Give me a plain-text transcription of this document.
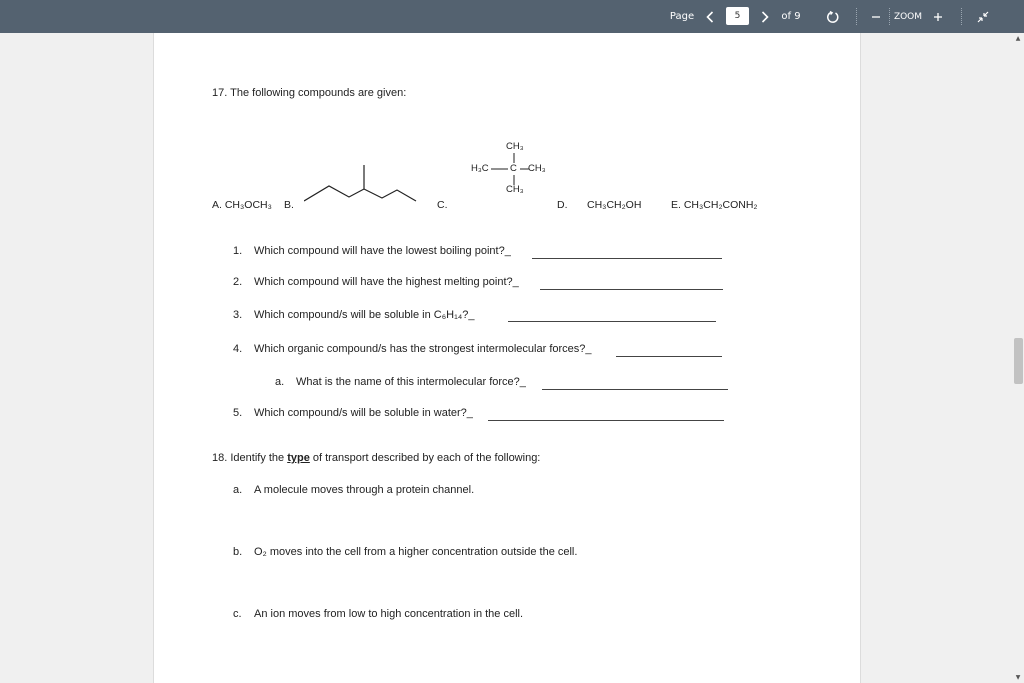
Page	5	of 9	ZOOM
17. The following compounds are given:
CH₃
H₃C C CH₃
CH₃
A. CH₃OCH₃ B.	C.	D. CH₃CH₂OH	E. CH₃CH₂CONH₂
1. Which compound will have the lowest boiling point?_
2. Which compound will have the highest melting point?_
3. Which compound/s will be soluble in C₆H₁₄?_
4. Which organic compound/s has the strongest intermolecular forces?_
a. What is the name of this intermolecular force?_
5. Which compound/s will be soluble in water?_
18. Identify the type of transport described by each of the following:
a. A molecule moves through a protein channel.
b. O₂ moves into the cell from a higher concentration outside the cell.
c. An ion moves from low to high concentration in the cell.
▲
▼
